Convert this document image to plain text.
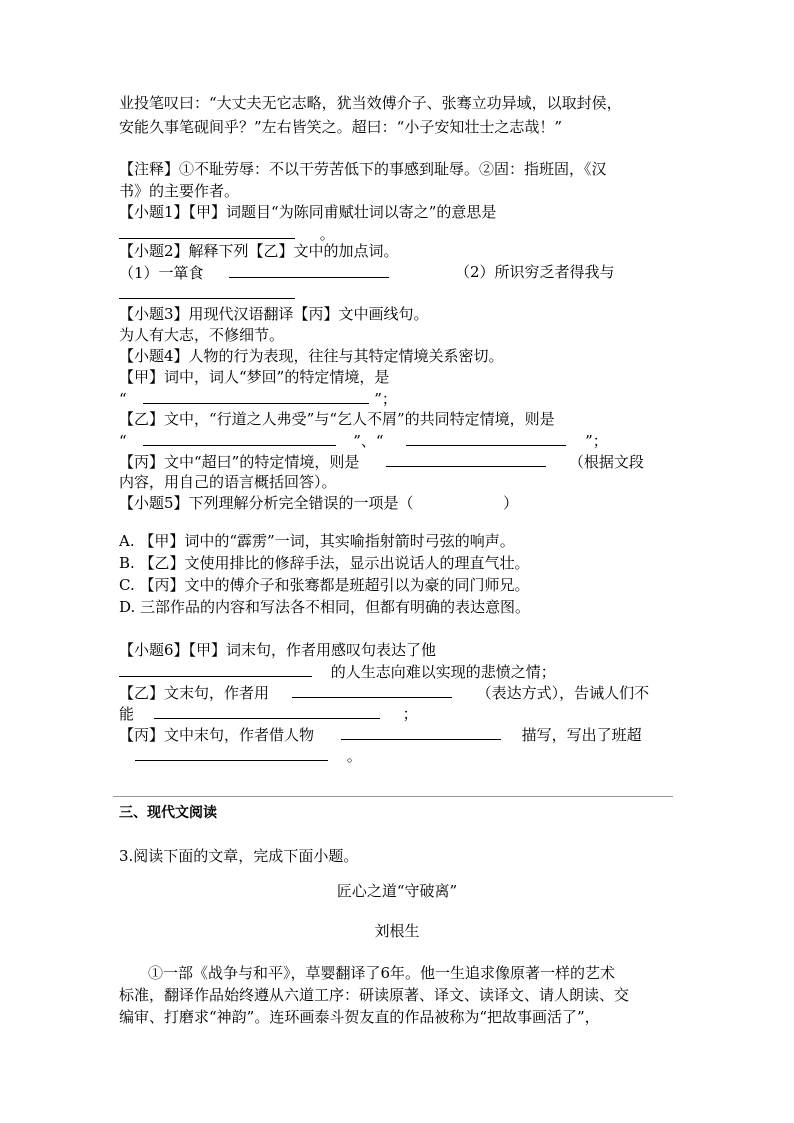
业投笔叹曰：“大丈夫无它志略，犹当效傅介子、张骞立功异域，以取封侯，
安能久事笔砚间乎？”左右皆笑之。超曰：“小子安知壮士之志哉！”
【注释】①不耻劳辱：不以干劳苦低下的事感到耻辱。②固：指班固，《汉
书》的主要作者。
【小题1】【甲】词题目“为陈同甫赋壮词以寄之”的意思是
。
【小题2】解释下列【乙】文中的加点词。
（1）一箪食	（2）所识穷乏者得我与
【小题3】用现代汉语翻译【丙】文中画线句。
为人有大志，不修细节。
【小题4】人物的行为表现，往往与其特定情境关系密切。
【甲】词中，词人“梦回”的特定情境，是
“	”；
【乙】文中，“行道之人弗受”与“乞人不屑”的共同特定情境，则是
“	”、“	”；
【丙】文中“超曰”的特定情境，则是	（根据文段
内容，用自己的语言概括回答）。
【小题5】下列理解分析完全错误的一项是（	）
A. 【甲】词中的“霹雳”一词，其实喻指射箭时弓弦的响声。
B. 【乙】文使用排比的修辞手法，显示出说话人的理直气壮。
C. 【丙】文中的傅介子和张骞都是班超引以为豪的同门师兄。
D. 三部作品的内容和写法各不相同，但都有明确的表达意图。
【小题6】【甲】词末句，作者用感叹句表达了他
的人生志向难以实现的悲愤之情；
【乙】文末句，作者用	（表达方式），告诫人们不
能	；
【丙】文中末句，作者借人物	描写，写出了班超
。
三、现代文阅读
3.阅读下面的文章，完成下面小题。
匠心之道“守破离”
刘根生
①一部《战争与和平》，草婴翻译了6年。他一生追求像原著一样的艺术
标准，翻译作品始终遵从六道工序：研读原著、译文、读译文、请人朗读、交
编审、打磨求“神韵”。连环画泰斗贺友直的作品被称为“把故事画活了”，
